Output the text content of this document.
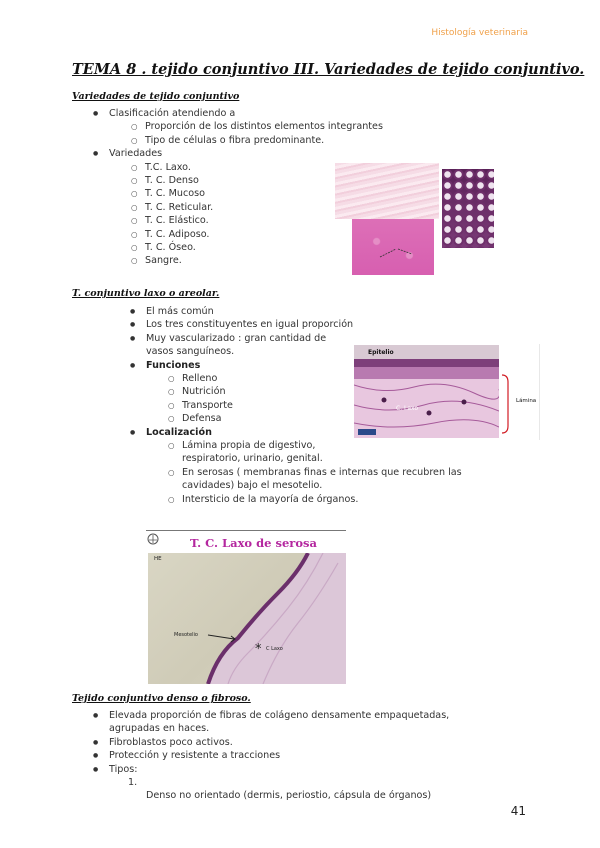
Histología veterinaria
TEMA 8 . tejido conjuntivo III. Variedades de tejido conjuntivo.
Variedades de tejido conjuntivo
● Clasificación atendiendo a
○ Proporción de los distintos elementos integrantes
○ Tipo de células o fibra predominante.
● Variedades
○ T.C. Laxo.
○ T. C. Denso
○ T. C. Mucoso
○ T. C. Reticular.
○ T. C. Elástico.
○ T. C. Adiposo.
○ T. C. Óseo.
○ Sangre.
T. conjuntivo laxo o areolar.
● El más común
● Los tres constituyentes en igual proporción
● Muy vascularizado : gran cantidad de
vasos sanguíneos.
● Funciones
○ Relleno
○ Nutrición
○ Transporte
○ Defensa
● Localización
○ Lámina propia de digestivo,
respiratorio, urinario, genital.
○ En serosas ( membranas finas e internas que recubren las
cavidades) bajo el mesotelio.
○ Intersticio de la mayoría de órganos.
Epitelio
C. Laxo
Lámina
T. C. Laxo de serosa
HE
Mesotelio
* C Laxo
Tejido conjuntivo denso o fibroso.
● Elevada proporción de fibras de colágeno densamente empaquetadas,
agrupadas en haces.
● Fibroblastos poco activos.
● Protección y resistente a tracciones
● Tipos:
1.
Denso no orientado (dermis, periostio, cápsula de órganos)
41
